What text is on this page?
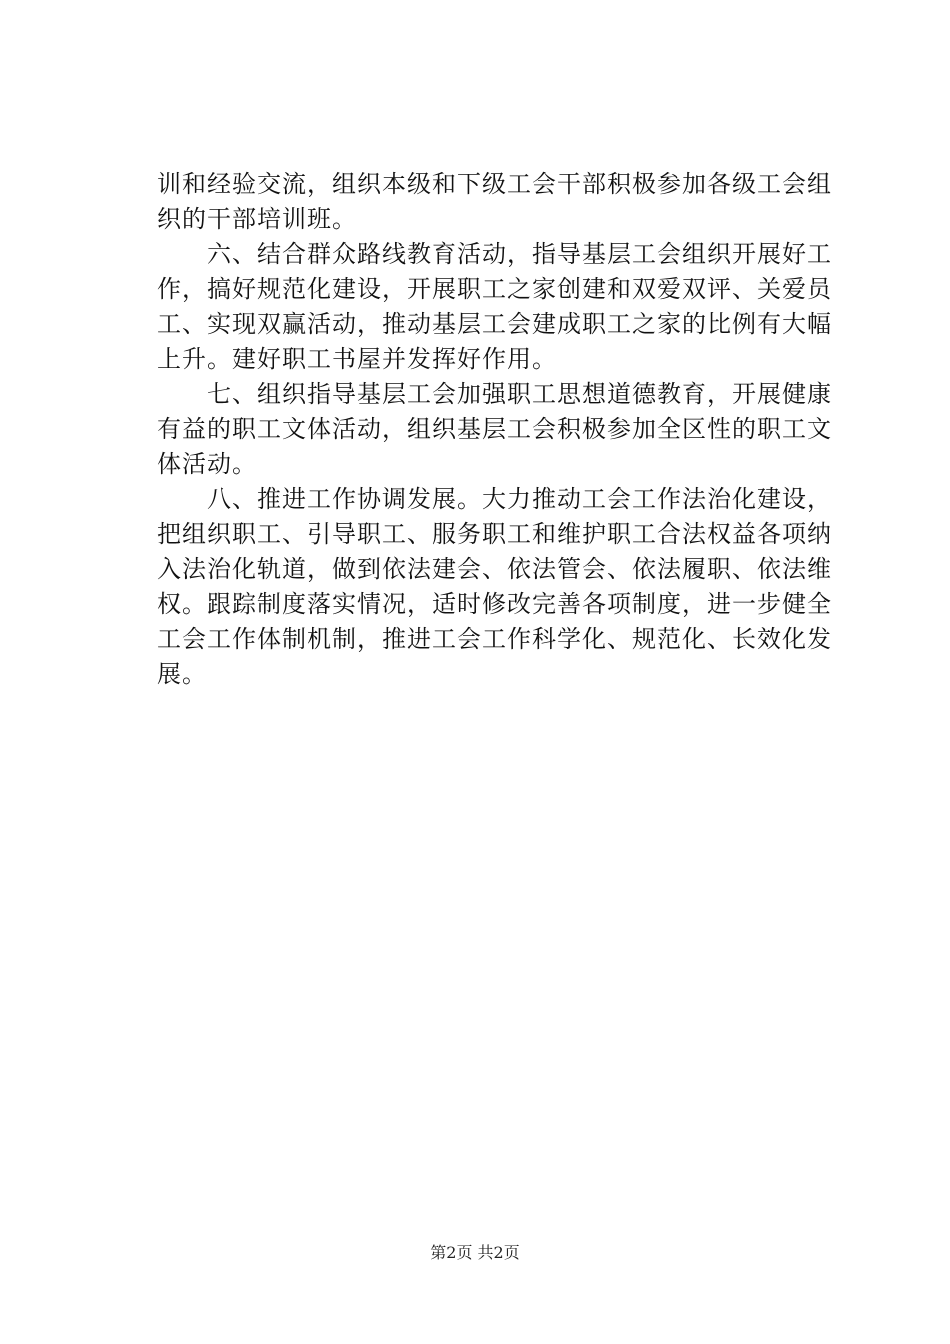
训和经验交流，组织本级和下级工会干部积极参加各级工会组
织的干部培训班。
　　六、结合群众路线教育活动，指导基层工会组织开展好工
作，搞好规范化建设，开展职工之家创建和双爱双评、关爱员
工、实现双赢活动，推动基层工会建成职工之家的比例有大幅
上升。建好职工书屋并发挥好作用。
　　七、组织指导基层工会加强职工思想道德教育，开展健康
有益的职工文体活动，组织基层工会积极参加全区性的职工文
体活动。
　　八、推进工作协调发展。大力推动工会工作法治化建设，
把组织职工、引导职工、服务职工和维护职工合法权益各项纳
入法治化轨道，做到依法建会、依法管会、依法履职、依法维
权。跟踪制度落实情况，适时修改完善各项制度，进一步健全
工会工作体制机制，推进工会工作科学化、规范化、长效化发
展。
第2页 共2页
